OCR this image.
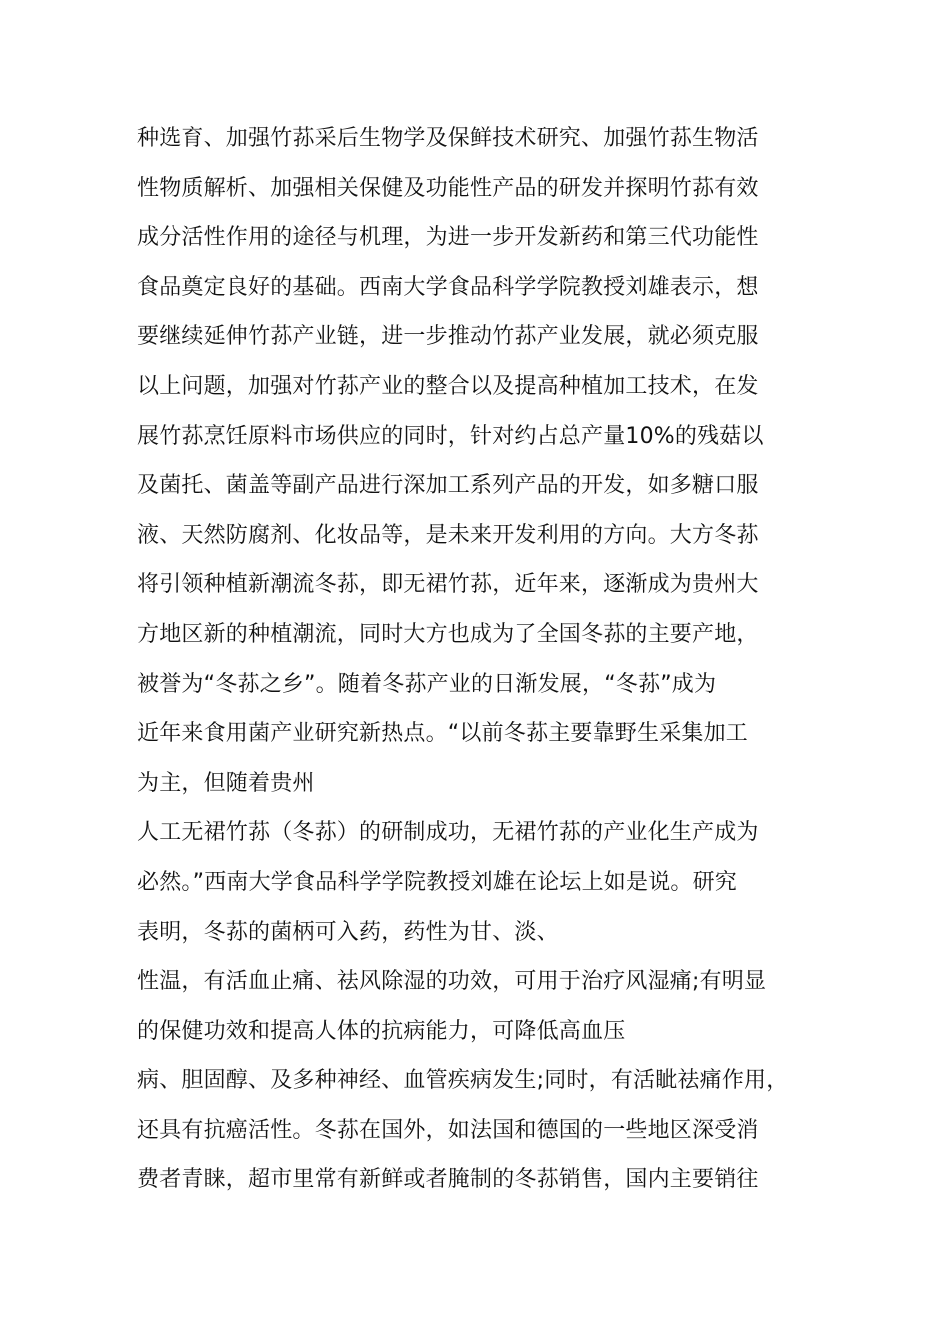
种选育、加强竹荪采后生物学及保鲜技术研究、加强竹荪生物活
性物质解析、加强相关保健及功能性产品的研发并探明竹荪有效
成分活性作用的途径与机理，为进一步开发新药和第三代功能性
食品奠定良好的基础。西南大学食品科学学院教授刘雄表示，想
要继续延伸竹荪产业链，进一步推动竹荪产业发展，就必须克服
以上问题，加强对竹荪产业的整合以及提高种植加工技术，在发
展竹荪烹饪原料市场供应的同时，针对约占总产量10%的残菇以
及菌托、菌盖等副产品进行深加工系列产品的开发，如多糖口服
液、天然防腐剂、化妆品等，是未来开发利用的方向。大方冬荪
将引领种植新潮流冬荪，即无裙竹荪，近年来，逐渐成为贵州大
方地区新的种植潮流，同时大方也成为了全国冬荪的主要产地，
被誉为“冬荪之乡”。随着冬荪产业的日渐发展，“冬荪”成为
近年来食用菌产业研究新热点。“以前冬荪主要靠野生采集加工
为主，但随着贵州
人工无裙竹荪（冬荪）的研制成功，无裙竹荪的产业化生产成为
必然。”西南大学食品科学学院教授刘雄在论坛上如是说。研究
表明，冬荪的菌柄可入药，药性为甘、淡、
性温，有活血止痛、祛风除湿的功效，可用于治疗风湿痛;有明显
的保健功效和提高人体的抗病能力，可降低高血压
病、胆固醇、及多种神经、血管疾病发生;同时，有活眦祛痛作用，
还具有抗癌活性。冬荪在国外，如法国和德国的一些地区深受消
费者青睐，超市里常有新鲜或者腌制的冬荪销售，国内主要销往
